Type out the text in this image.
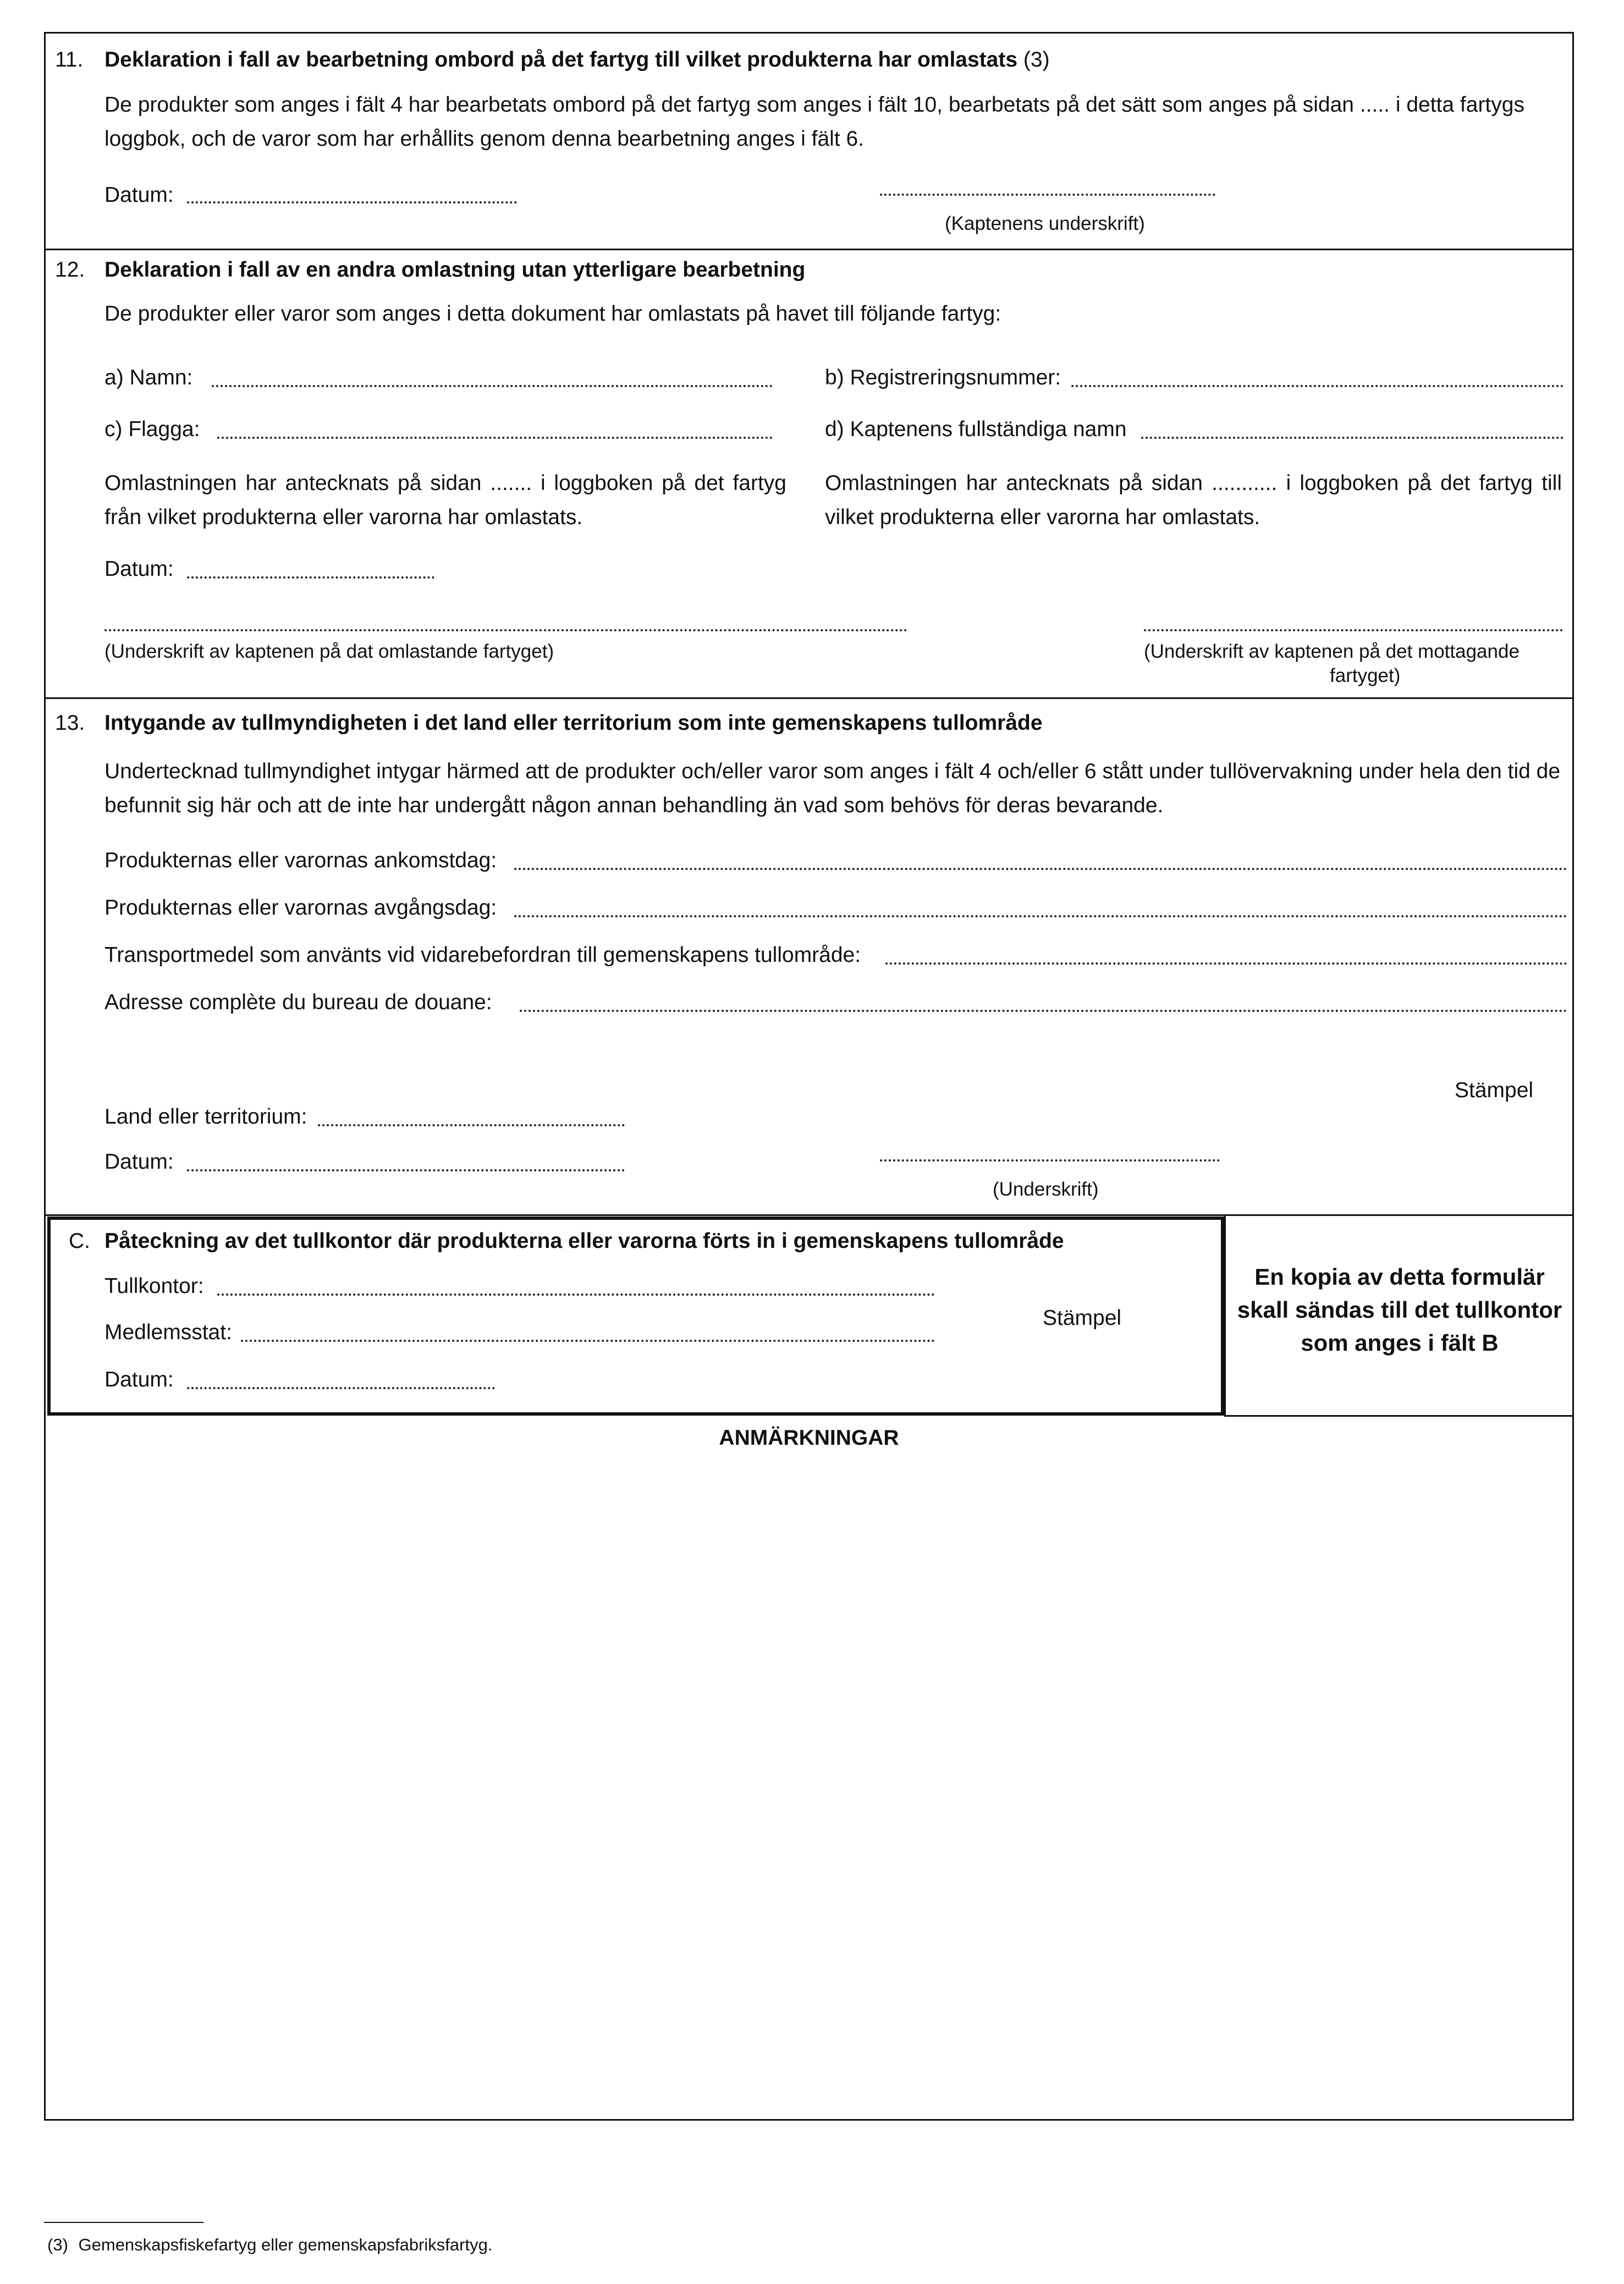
11. Deklaration i fall av bearbetning ombord på det fartyg till vilket produkterna har omlastats (3)
De produkter som anges i fält 4 har bearbetats ombord på det fartyg som anges i fält 10, bearbetats på det sätt som anges på sidan ..... i detta fartygs loggbok, och de varor som har erhållits genom denna bearbetning anges i fält 6.
Datum:
(Kaptenens underskrift)
12. Deklaration i fall av en andra omlastning utan ytterligare bearbetning
De produkter eller varor som anges i detta dokument har omlastats på havet till följande fartyg:
a) Namn:	b) Registreringsnummer:
c) Flagga:	d) Kaptenens fullständiga namn
Omlastningen har antecknats på sidan ....... i loggboken på det fartyg från vilket produkterna eller varorna har omlastats.
Omlastningen har antecknats på sidan ........... i loggboken på det fartyg till vilket produkterna eller varorna har omlastats.
Datum:
(Underskrift av kaptenen på dat omlastande fartyget)	(Underskrift av kaptenen på det mottagande
fartyget)
13. Intygande av tullmyndigheten i det land eller territorium som inte gemenskapens tullområde
Undertecknad tullmyndighet intygar härmed att de produkter och/eller varor som anges i fält 4 och/eller 6 stått under tullövervakning under hela den tid de befunnit sig här och att de inte har undergått någon annan behandling än vad som behövs för deras bevarande.
Produkternas eller varornas ankomstdag:
Produkternas eller varornas avgångsdag:
Transportmedel som använts vid vidarebefordran till gemenskapens tullområde:
Adresse complète du bureau de douane:
Stämpel
Land eller territorium:
Datum:
(Underskrift)
C. Påteckning av det tullkontor där produkterna eller varorna förts in i gemenskapens tullområde
Tullkontor:
Stämpel
Medlemsstat:
Datum:
En kopia av detta formulär
skall sändas till det tullkontor
som anges i fält B
ANMÄRKNINGAR
(3) Gemenskapsfiskefartyg eller gemenskapsfabriksfartyg.
